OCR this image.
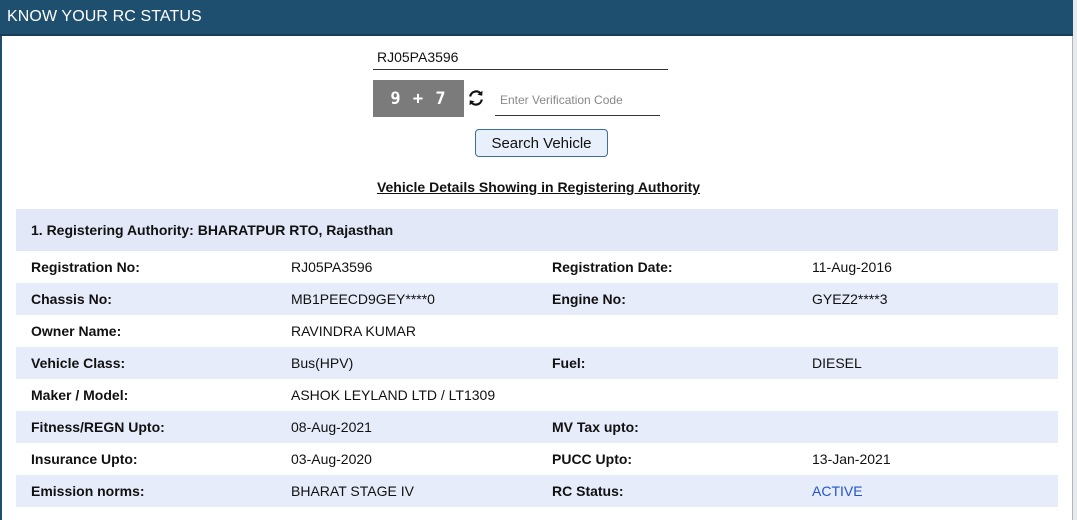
KNOW YOUR RC STATUS
RJ05PA3596
9 + 7
Enter Verification Code
Search Vehicle
Vehicle Details Showing in Registering Authority
1. Registering Authority: BHARATPUR RTO, Rajasthan
Registration No:	RJ05PA3596	Registration Date:	11-Aug-2016
Chassis No:	MB1PEECD9GEY****0	Engine No:	GYEZ2****3
Owner Name:	RAVINDRA KUMAR
Vehicle Class:	Bus(HPV)	Fuel:	DIESEL
Maker / Model:	ASHOK LEYLAND LTD / LT1309
Fitness/REGN Upto:	08-Aug-2021	MV Tax upto:
Insurance Upto:	03-Aug-2020	PUCC Upto:	13-Jan-2021
Emission norms:	BHARAT STAGE IV	RC Status:	ACTIVE
